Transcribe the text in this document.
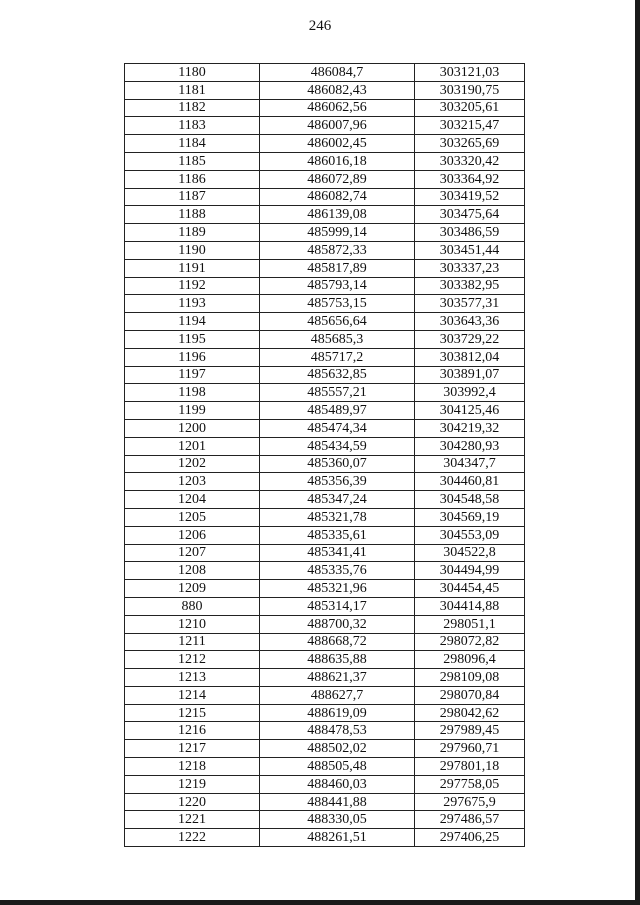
246
1180	486084,7	303121,03
1181	486082,43	303190,75
1182	486062,56	303205,61
1183	486007,96	303215,47
1184	486002,45	303265,69
1185	486016,18	303320,42
1186	486072,89	303364,92
1187	486082,74	303419,52
1188	486139,08	303475,64
1189	485999,14	303486,59
1190	485872,33	303451,44
1191	485817,89	303337,23
1192	485793,14	303382,95
1193	485753,15	303577,31
1194	485656,64	303643,36
1195	485685,3	303729,22
1196	485717,2	303812,04
1197	485632,85	303891,07
1198	485557,21	303992,4
1199	485489,97	304125,46
1200	485474,34	304219,32
1201	485434,59	304280,93
1202	485360,07	304347,7
1203	485356,39	304460,81
1204	485347,24	304548,58
1205	485321,78	304569,19
1206	485335,61	304553,09
1207	485341,41	304522,8
1208	485335,76	304494,99
1209	485321,96	304454,45
880	485314,17	304414,88
1210	488700,32	298051,1
1211	488668,72	298072,82
1212	488635,88	298096,4
1213	488621,37	298109,08
1214	488627,7	298070,84
1215	488619,09	298042,62
1216	488478,53	297989,45
1217	488502,02	297960,71
1218	488505,48	297801,18
1219	488460,03	297758,05
1220	488441,88	297675,9
1221	488330,05	297486,57
1222	488261,51	297406,25
